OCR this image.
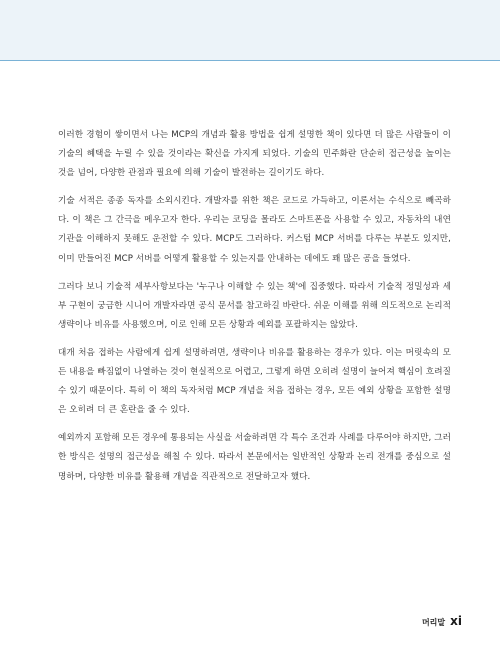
이러한 경험이 쌓이면서 나는 MCP의 개념과 활용 방법을 쉽게 설명한 책이 있다면 더 많은 사람들이 이 기술의 혜택을 누릴 수 있을 것이라는 확신을 가지게 되었다. 기술의 민주화란 단순히 접근성을 높이는 것을 넘어, 다양한 관점과 필요에 의해 기술이 발전하는 길이기도 하다.

기술 서적은 종종 독자를 소외시킨다. 개발자를 위한 책은 코드로 가득하고, 이론서는 수식으로 빼곡하다. 이 책은 그 간극을 메우고자 한다. 우리는 코딩을 몰라도 스마트폰을 사용할 수 있고, 자동차의 내연기관을 이해하지 못해도 운전할 수 있다. MCP도 그러하다. 커스텀 MCP 서버를 다루는 부분도 있지만, 이미 만들어진 MCP 서버를 어떻게 활용할 수 있는지를 안내하는 데에도 꽤 많은 공을 들였다.

그러다 보니 기술적 세부사항보다는 '누구나 이해할 수 있는 책'에 집중했다. 따라서 기술적 정밀성과 세부 구현이 궁금한 시니어 개발자라면 공식 문서를 참고하길 바란다. 쉬운 이해를 위해 의도적으로 논리적 생략이나 비유를 사용했으며, 이로 인해 모든 상황과 예외를 포괄하지는 않았다.

대개 처음 접하는 사람에게 쉽게 설명하려면, 생략이나 비유를 활용하는 경우가 있다. 이는 머릿속의 모든 내용을 빠짐없이 나열하는 것이 현실적으로 어렵고, 그렇게 하면 오히려 설명이 늘어져 핵심이 흐려질 수 있기 때문이다. 특히 이 책의 독자처럼 MCP 개념을 처음 접하는 경우, 모든 예외 상황을 포함한 설명은 오히려 더 큰 혼란을 줄 수 있다.

예외까지 포함해 모든 경우에 통용되는 사실을 서술하려면 각 특수 조건과 사례를 다루어야 하지만, 그러한 방식은 설명의 접근성을 해칠 수 있다. 따라서 본문에서는 일반적인 상황과 논리 전개를 중심으로 설명하며, 다양한 비유를 활용해 개념을 직관적으로 전달하고자 했다.

머리말 xi
